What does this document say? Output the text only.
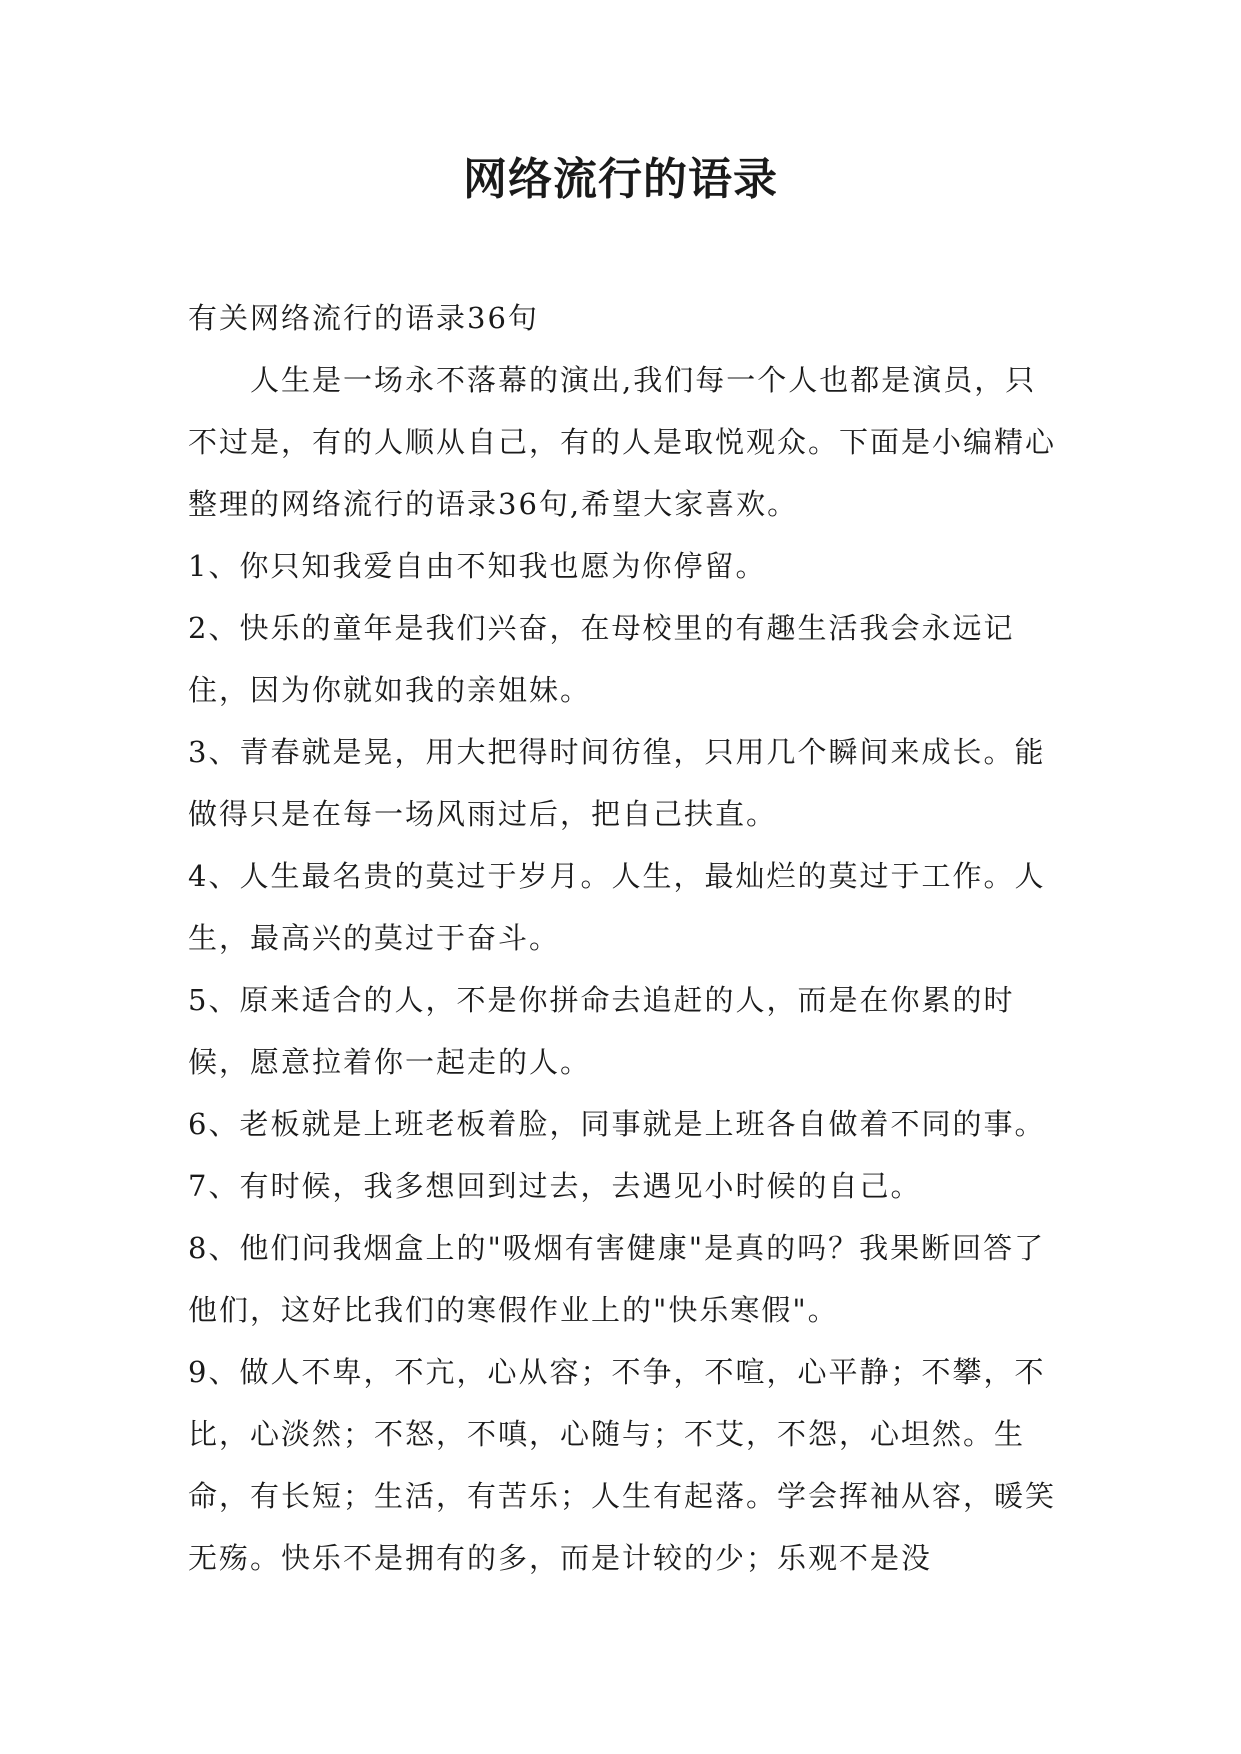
网络流行的语录

有关网络流行的语录36句

人生是一场永不落幕的演出,我们每一个人也都是演员，只不过是，有的人顺从自己，有的人是取悦观众。下面是小编精心整理的网络流行的语录36句,希望大家喜欢。

1、你只知我爱自由不知我也愿为你停留。

2、快乐的童年是我们兴奋，在母校里的有趣生活我会永远记住，因为你就如我的亲姐妹。

3、青春就是晃，用大把得时间彷徨，只用几个瞬间来成长。能做得只是在每一场风雨过后，把自己扶直。

4、人生最名贵的莫过于岁月。人生，最灿烂的莫过于工作。人生，最高兴的莫过于奋斗。

5、原来适合的人，不是你拼命去追赶的人，而是在你累的时候，愿意拉着你一起走的人。

6、老板就是上班老板着脸，同事就是上班各自做着不同的事。

7、有时候，我多想回到过去，去遇见小时候的自己。

8、他们问我烟盒上的"吸烟有害健康"是真的吗？我果断回答了他们，这好比我们的寒假作业上的"快乐寒假"。

9、做人不卑，不亢，心从容；不争，不喧，心平静；不攀，不比，心淡然；不怒，不嗔，心随与；不艾，不怨，心坦然。生命，有长短；生活，有苦乐；人生有起落。学会挥袖从容，暖笑无殇。快乐不是拥有的多，而是计较的少；乐观不是没
